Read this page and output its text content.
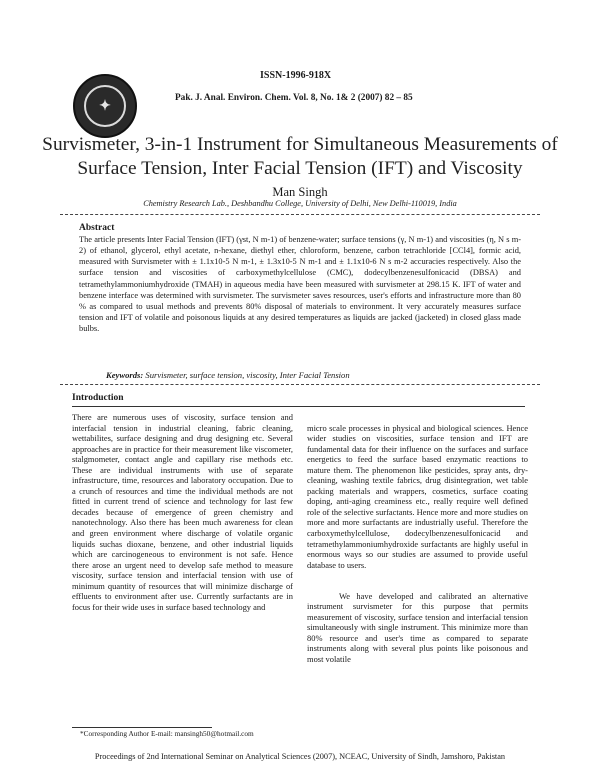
✦
ISSN-1996-918X
Pak. J. Anal. Environ. Chem. Vol. 8, No. 1& 2 (2007) 82 – 85
Survismeter, 3-in-1 Instrument for Simultaneous Measurements of Surface Tension, Inter Facial Tension (IFT) and Viscosity
Man Singh
Chemistry Research Lab., Deshbandhu College, University of Delhi, New Delhi-110019, India
Abstract
The article presents Inter Facial Tension (IFT) (γst, N m-1) of benzene-water; surface tensions (γ, N m-1) and viscosities (η, N s m-2) of ethanol, glycerol, ethyl acetate, n-hexane, diethyl ether, chloroform, benzene, carbon tetrachloride [CCl4], formic acid, measured with Survismeter with ± 1.1x10-5 N m-1, ± 1.3x10-5 N m-1 and ± 1.1x10-6 N s m-2 accuracies respectively. Also the surface tension and viscosities of carboxymethylcellulose (CMC), dodecylbenzenesulfonicacid (DBSA) and tetramethylammoniumhydroxide (TMAH) in aqueous media have been measured with survismeter at 298.15 K. IFT of water and benzene interface was determined with survismeter. The survismeter saves resources, user's efforts and infrastructure more than 80 % as compared to usual methods and prevents 80% disposal of materials to environment. It very accurately measures surface tension and IFT of volatile and poisonous liquids at any desired temperatures as liquids are jacked (jacketed) in closed glass made bulbs.
Keywords: Survismeter, surface tension, viscosity, Inter Facial Tension
Introduction
There are numerous uses of viscosity, surface tension and interfacial tension in industrial cleaning, fabric cleaning, wettabilites, surface designing and drug designing etc. Several approaches are in practice for their measurement like viscometer, stalgmometer, contact angle and capillary rise methods etc. These are individual instruments with use of separate infrastructure, time, resources and laboratory occupation. Due to a crunch of resources and time the individual methods are not fitted in current trend of science and technology for last few decades because of emergence of green chemistry and nanotechnology. Also there has been much awareness for clean and green environment where discharge of volatile organic liquids suchas dioxane, benzene, and other industrial liquids which are carcinogeneous to environment is not safe. Hence there arose an urgent need to develop safe method to measure viscosity, surface tension and interfacial tension with use of minimum quantity of resources that will minimize discharge of effluents to environment after use. Currently surfactants are in focus for their wide uses in surface based technology and

micro scale processes in physical and biological sciences. Hence wider studies on viscosities, surface tension and IFT are fundamental data for their influence on the surfaces and surface energetics to feed the surface based enzymatic reactions to mature them. The phenomenon like pesticides, spray ants, dry-cleaning, washing textile fabrics, drug disintegration, wet table packing materials and wrappers, cosmetics, surface coating doping, anti-aging creaminess etc., really require well defined role of the selective surfactants. Hence more and more studies on more and more surfactants are industrially useful. Therefore the carboxymethylcellulose, dodecylbenzenesulfonicacid and tetramethylammoniumhydroxide surfactants are highly useful in enormous ways so our studies are assumed to provide useful database to users.

We have developed and calibrated an alternative instrument survismeter for this purpose that permits measurement of viscosity, surface tension and interfacial tension simultaneously with single instrument. This minimize more than 80% resource and user's time as compared to separate instruments along with several plus points like poisonous and most volatile

*Corresponding Author E-mail: mansingh50@hotmail.com
Proceedings of 2nd International Seminar on Analytical Sciences (2007), NCEAC, University of Sindh, Jamshoro, Pakistan
